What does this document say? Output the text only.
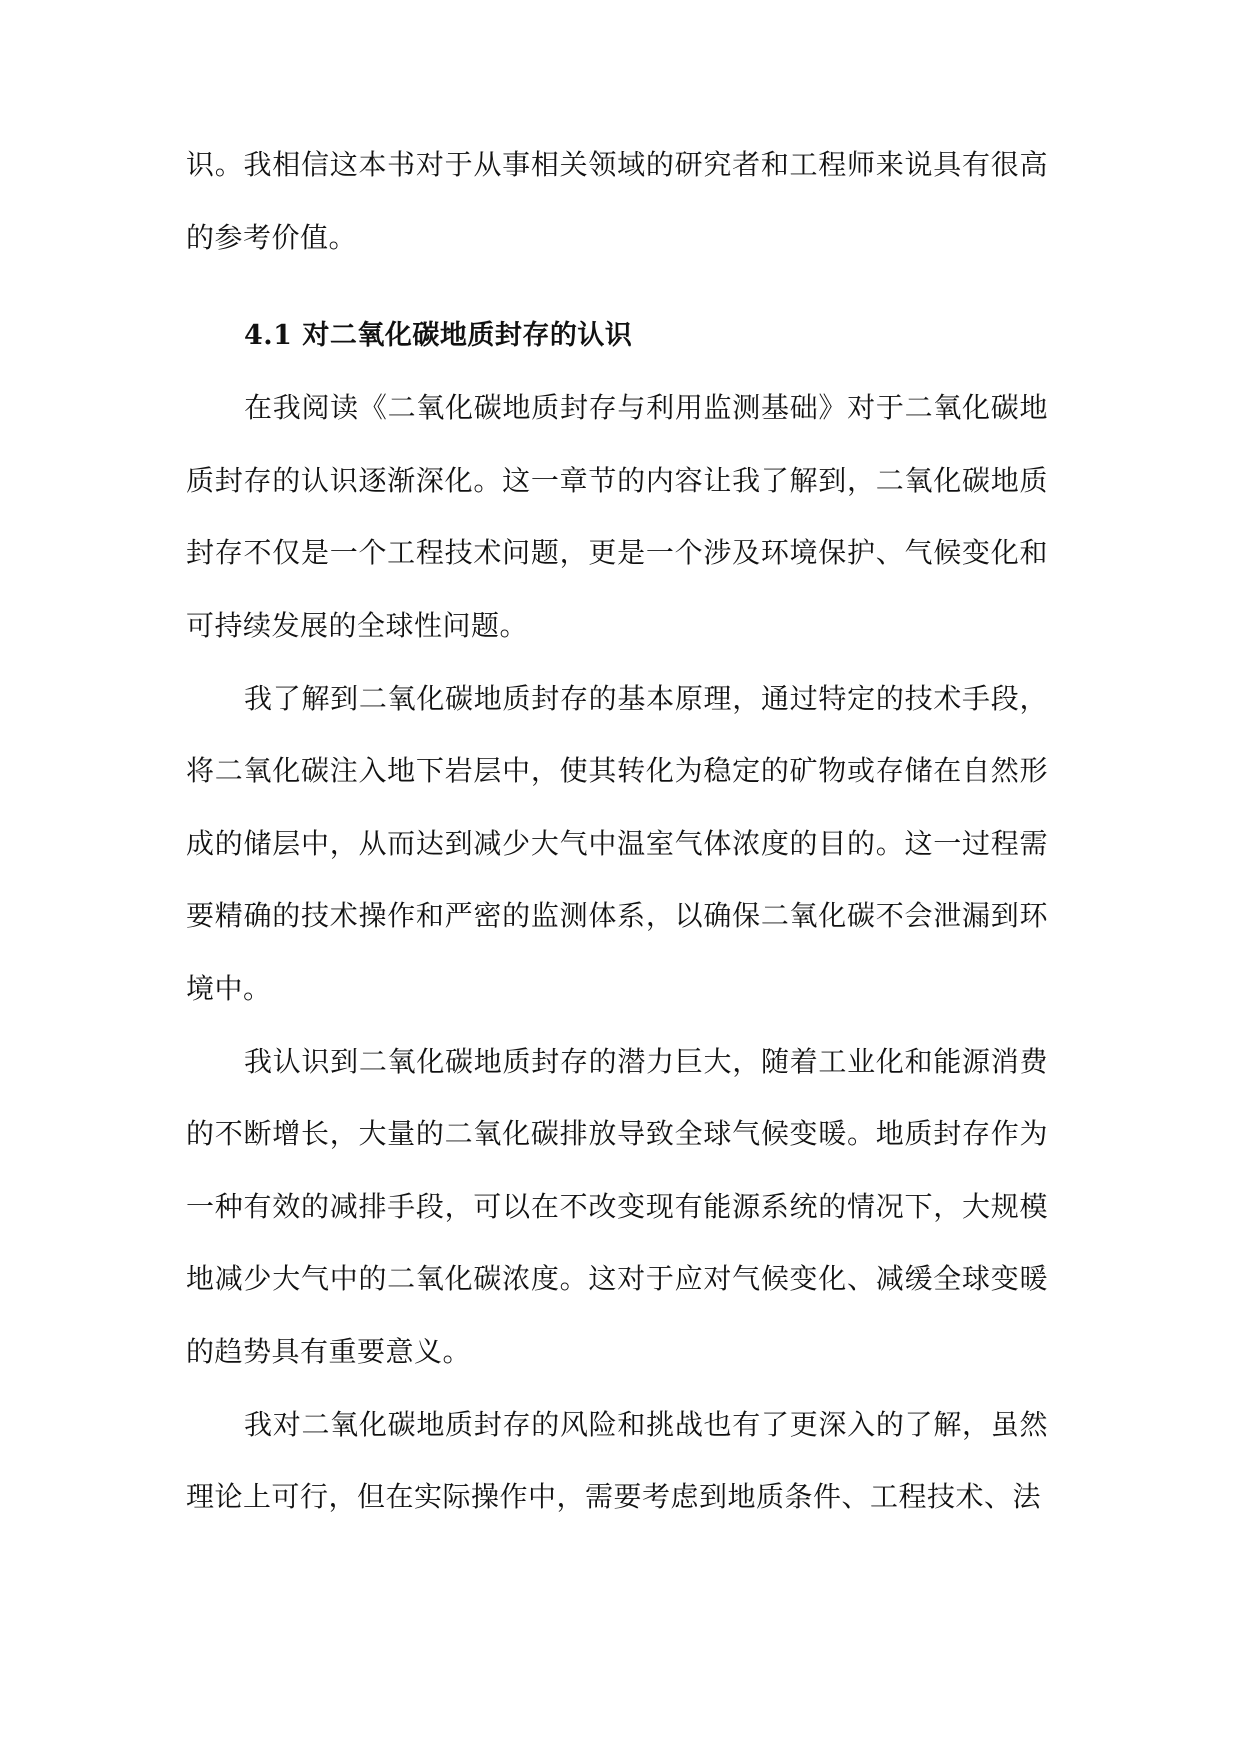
识。我相信这本书对于从事相关领域的研究者和工程师来说具有很高的参考价值。

4.1 对二氧化碳地质封存的认识

在我阅读《二氧化碳地质封存与利用监测基础》对于二氧化碳地质封存的认识逐渐深化。这一章节的内容让我了解到，二氧化碳地质封存不仅是一个工程技术问题，更是一个涉及环境保护、气候变化和可持续发展的全球性问题。

我了解到二氧化碳地质封存的基本原理，通过特定的技术手段，将二氧化碳注入地下岩层中，使其转化为稳定的矿物或存储在自然形成的储层中，从而达到减少大气中温室气体浓度的目的。这一过程需要精确的技术操作和严密的监测体系，以确保二氧化碳不会泄漏到环境中。

我认识到二氧化碳地质封存的潜力巨大，随着工业化和能源消费的不断增长，大量的二氧化碳排放导致全球气候变暖。地质封存作为一种有效的减排手段，可以在不改变现有能源系统的情况下，大规模地减少大气中的二氧化碳浓度。这对于应对气候变化、减缓全球变暖的趋势具有重要意义。

我对二氧化碳地质封存的风险和挑战也有了更深入的了解，虽然理论上可行，但在实际操作中，需要考虑到地质条件、工程技术、法
